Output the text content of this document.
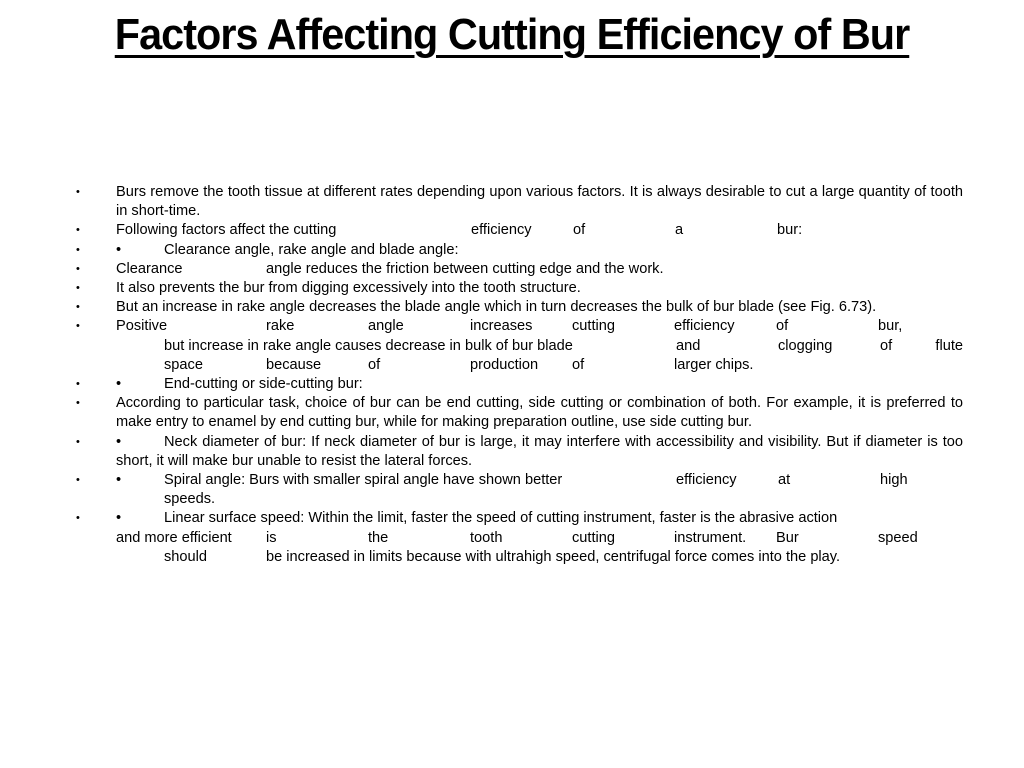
Factors Affecting Cutting Efficiency of Bur
• Burs remove the tooth tissue at different rates depending upon various factors. It is always desirable to cut a large quantity of tooth in short-time.
• Following factors affect the cutting	efficiency	of	a	bur:
• •	Clearance angle, rake angle and blade angle:
• Clearance	angle reduces the friction between cutting edge and the work.
• It also prevents the bur from digging excessively into the tooth structure.
• But an increase in rake angle decreases the blade angle which in turn decreases the bulk of bur blade (see Fig. 6.73).
• Positive	rake	angle	increases	cutting	efficiency	of	bur,
but increase in rake angle causes decrease in bulk of bur blade	and	clogging	of	flute
space	because	of	production	of	larger chips.
• •	End-cutting or side-cutting bur:
• According to particular task, choice of bur can be end cutting, side cutting or combination of both. For example, it is preferred to make entry to enamel by end cutting bur, while for making preparation outline, use side cutting bur.
• •	Neck diameter of bur: If neck diameter of bur is large, it may interfere with accessibility and visibility. But if diameter is too short, it will make bur unable to resist the lateral forces.
• •	Spiral angle: Burs with smaller spiral angle have shown better	efficiency	at	high
speeds.
• •	Linear surface speed: Within the limit, faster the speed of cutting instrument, faster is the abrasive action
and more efficient	is	the	tooth	cutting	instrument.	Bur	speed
should	be increased in limits because with ultrahigh speed, centrifugal force comes into the play.
